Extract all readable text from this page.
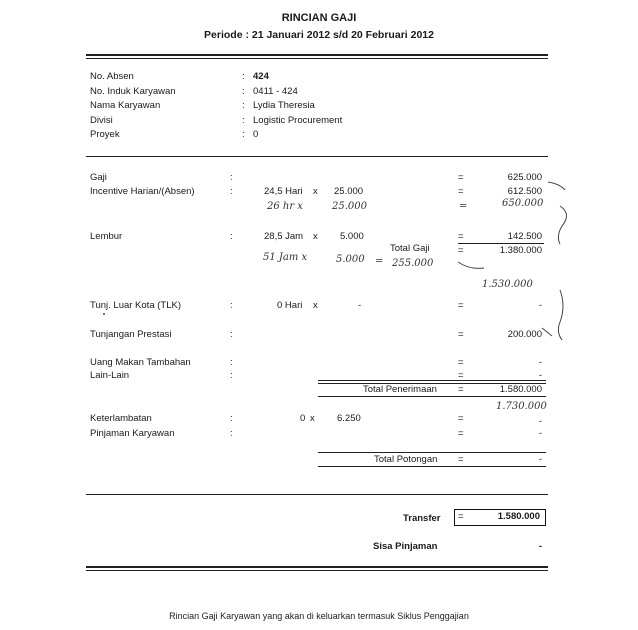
RINCIAN GAJI
Periode : 21 Januari 2012 s/d 20 Februari 2012
No. Absen	: 424
No. Induk Karyawan	: 0411 - 424
Nama Karyawan	: Lydia Theresia
Divisi	: Logistic Procurement
Proyek	: 0
Gaji	:	=	625.000
Incentive Harian/(Absen)	:	24,5 Hari x 25.000	=	612.500
26 hr x	25.000	=	650.000
Lembur	:	28,5 Jam x 5.000	=	142.500
Total Gaji	=	1.380.000
51 Jam x	5.000 = 255.000
1.530.000
Tunj. Luar Kota (TLK)	:	0 Hari x	-	=	-
Tunjangan Prestasi	:	=	200.000
Uang Makan Tambahan	:	=	-
Lain-Lain	:	=	-
Total Penerimaan =	1.580.000
1.730.000
Keterlambatan	:	0 x 6.250	=	-
Pinjaman Karyawan	:	=	-
Total Potongan =	-
Transfer =	1.580.000
Sisa Pinjaman	-
Rincian Gaji Karyawan yang akan di keluarkan termasuk Siklus Penggajian
